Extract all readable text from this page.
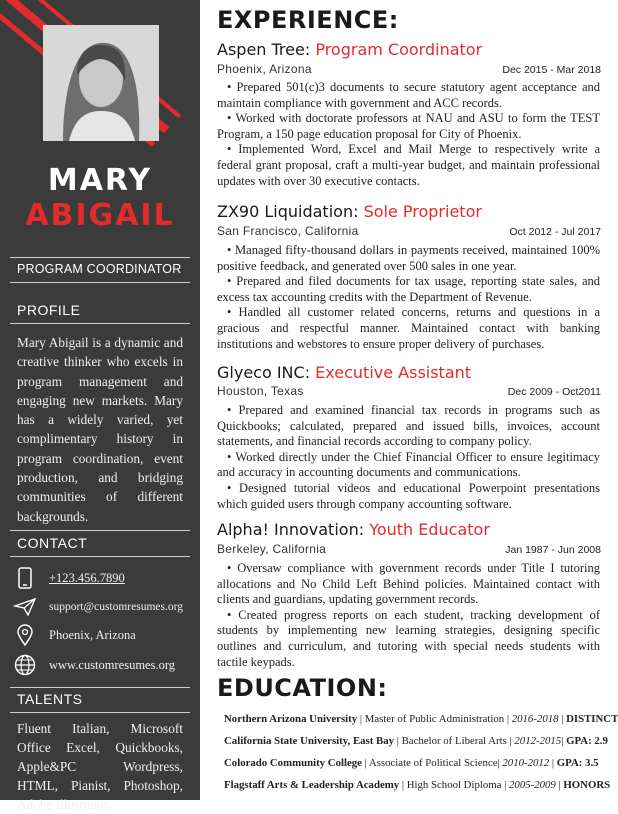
MARY
ABIGAIL
PROGRAM COORDINATOR
PROFILE
Mary Abigail is a dynamic and creative thinker who excels in program management and engaging new markets. Mary has a widely varied, yet complimentary history in program coordination, event production, and bridging communities of different backgrounds.
CONTACT
+123.456.7890
support@customresumes.org
Phoenix, Arizona
www.customresumes.org
TALENTS
Fluent Italian, Microsoft Office Excel, Quickbooks, Apple&PC Wordpress, HTML, Pianist, Photoshop, Adobe Illustrator.
EXPERIENCE:
Aspen Tree: Program Coordinator
Phoenix, Arizona	Dec 2015 - Mar 2018

• Prepared 501(c)3 documents to secure statutory agent acceptance and maintain compliance with government and ACC records.

• Worked with doctorate professors at NAU and ASU to form the TEST Program, a 150 page education proposal for City of Phoenix.

• Implemented Word, Excel and Mail Merge to respectively write a federal grant proposal, craft a multi-year budget, and maintain professional updates with over 30 executive contacts.

ZX90 Liquidation: Sole Proprietor
San Francisco, California	Oct 2012 - Jul 2017

• Managed fifty-thousand dollars in payments received, maintained 100% positive feedback, and generated over 500 sales in one year.

• Prepared and filed documents for tax usage, reporting state sales, and excess tax accounting credits with the Department of Revenue.

• Handled all customer related concerns, returns and questions in a gracious and respectful manner. Maintained contact with banking institutions and webstores to ensure proper delivery of purchases.

Glyeco INC: Executive Assistant
Houston, Texas	Dec 2009 - Oct2011

• Prepared and examined financial tax records in programs such as Quickbooks; calculated, prepared and issued bills, invoices, account statements, and financial records according to company policy.

• Worked directly under the Chief Financial Officer to ensure legitimacy and accuracy in accounting documents and communications.

• Designed tutorial videos and educational Powerpoint presentations which guided users through company accounting software.

Alpha! Innovation: Youth Educator
Berkeley, California	Jan 1987 - Jun 2008

• Oversaw compliance with government records under Title I tutoring allocations and No Child Left Behind policies. Maintained contact with clients and guardians, updating government records.

• Created progress reports on each student, tracking development of students by implementing new learning strategies, designing specific outlines and curriculum, and tutoring with special needs students with tactile keypads.

EDUCATION:
Northern Arizona University | Master of Public Administration | 2016-2018 | DISTINCT
California State University, East Bay | Bachelor of Liberal Arts | 2012-2015| GPA: 2.9
Colorado Community College | Associate of Political Science| 2010-2012 | GPA: 3.5
Flagstaff Arts & Leadership Academy | High School Diploma | 2005-2009 | HONORS
